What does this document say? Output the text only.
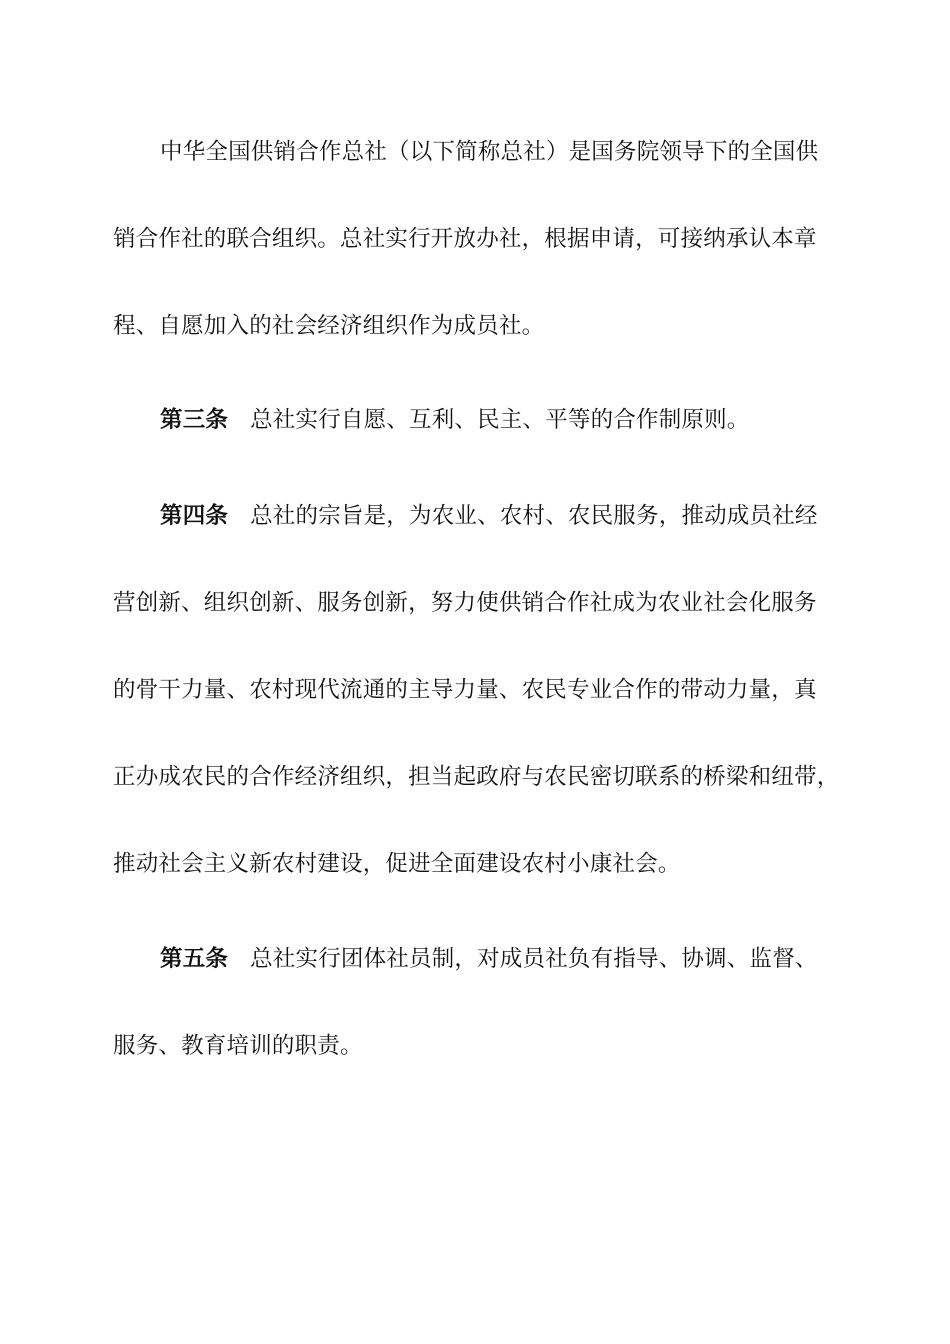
中华全国供销合作总社（以下简称总社）是国务院领导下的全国供
销合作社的联合组织。总社实行开放办社，根据申请，可接纳承认本章
程、自愿加入的社会经济组织作为成员社。
第三条 总社实行自愿、互利、民主、平等的合作制原则。
第四条 总社的宗旨是，为农业、农村、农民服务，推动成员社经
营创新、组织创新、服务创新，努力使供销合作社成为农业社会化服务
的骨干力量、农村现代流通的主导力量、农民专业合作的带动力量，真
正办成农民的合作经济组织，担当起政府与农民密切联系的桥梁和纽带，
推动社会主义新农村建设，促进全面建设农村小康社会。
第五条 总社实行团体社员制，对成员社负有指导、协调、监督、
服务、教育培训的职责。
